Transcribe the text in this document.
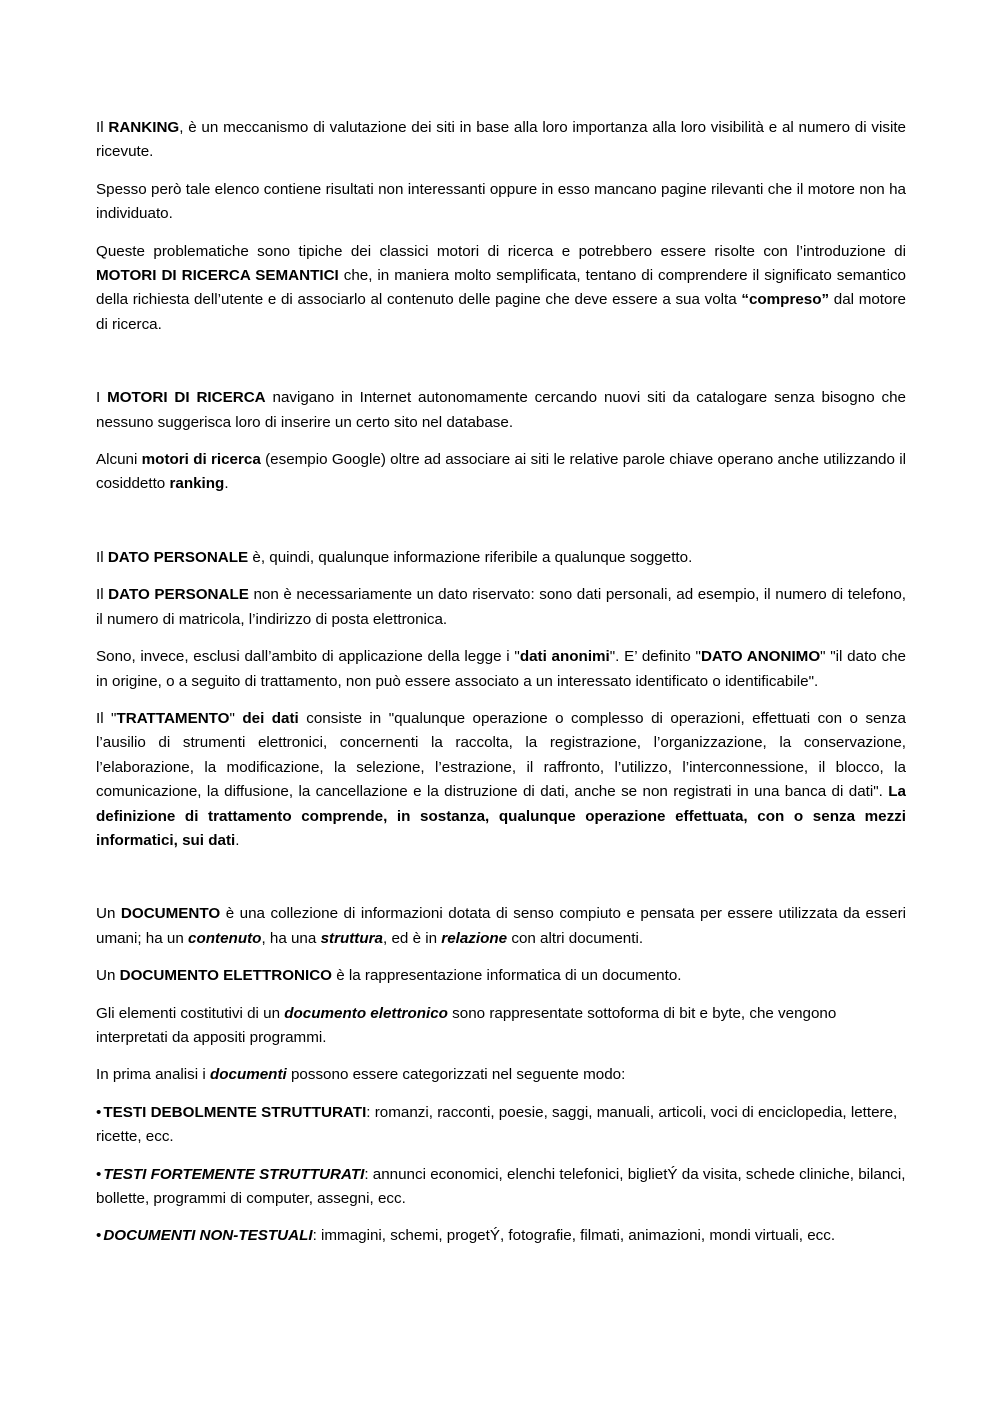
Il RANKING, è un meccanismo di valutazione dei siti in base alla loro importanza alla loro visibilità e al numero di visite ricevute.

Spesso però tale elenco contiene risultati non interessanti oppure in esso mancano pagine rilevanti che il motore non ha individuato.

Queste problematiche sono tipiche dei classici motori di ricerca e potrebbero essere risolte con l’introduzione di MOTORI DI RICERCA SEMANTICI che, in maniera molto semplificata, tentano di comprendere il significato semantico della richiesta dell’utente e di associarlo al contenuto delle pagine che deve essere a sua volta “compreso” dal motore di ricerca.

I MOTORI DI RICERCA navigano in Internet autonomamente cercando nuovi siti da catalogare senza bisogno che nessuno suggerisca loro di inserire un certo sito nel database.

Alcuni motori di ricerca (esempio Google) oltre ad associare ai siti le relative parole chiave operano anche utilizzando il cosiddetto ranking.

Il DATO PERSONALE è, quindi, qualunque informazione riferibile a qualunque soggetto.

Il DATO PERSONALE non è necessariamente un dato riservato: sono dati personali, ad esempio, il numero di telefono, il numero di matricola, l’indirizzo di posta elettronica.

Sono, invece, esclusi dall’ambito di applicazione della legge i "dati anonimi". E’ definito "DATO ANONIMO" "il dato che in origine, o a seguito di trattamento, non può essere associato a un interessato identificato o identificabile".

Il "TRATTAMENTO" dei dati consiste in "qualunque operazione o complesso di operazioni, effettuati con o senza l’ausilio di strumenti elettronici, concernenti la raccolta, la registrazione, l’organizzazione, la conservazione, l’elaborazione, la modificazione, la selezione, l’estrazione, il raffronto, l’utilizzo, l’interconnessione, il blocco, la comunicazione, la diffusione, la cancellazione e la distruzione di dati, anche se non registrati in una banca di dati". La definizione di trattamento comprende, in sostanza, qualunque operazione effettuata, con o senza mezzi informatici, sui dati.

Un DOCUMENTO è una collezione di informazioni dotata di senso compiuto e pensata per essere utilizzata da esseri umani; ha un contenuto, ha una struttura, ed è in relazione con altri documenti.

Un DOCUMENTO ELETTRONICO è la rappresentazione informatica di un documento.

Gli elementi costitutivi di un documento elettronico sono rappresentate sottoforma di bit e byte, che vengono interpretati da appositi programmi.

In prima analisi i documenti possono essere categorizzati nel seguente modo:

• TESTI DEBOLMENTE STRUTTURATI: romanzi, racconti, poesie, saggi, manuali, articoli, voci di enciclopedia, lettere, ricette, ecc.

• TESTI FORTEMENTE STRUTTURATI: annunci economici, elenchi telefonici, biglietÝ da visita, schede cliniche, bilanci, bollette, programmi di computer, assegni, ecc.

• DOCUMENTI NON-TESTUALI: immagini, schemi, progetÝ, fotografie, filmati, animazioni, mondi virtuali, ecc.
